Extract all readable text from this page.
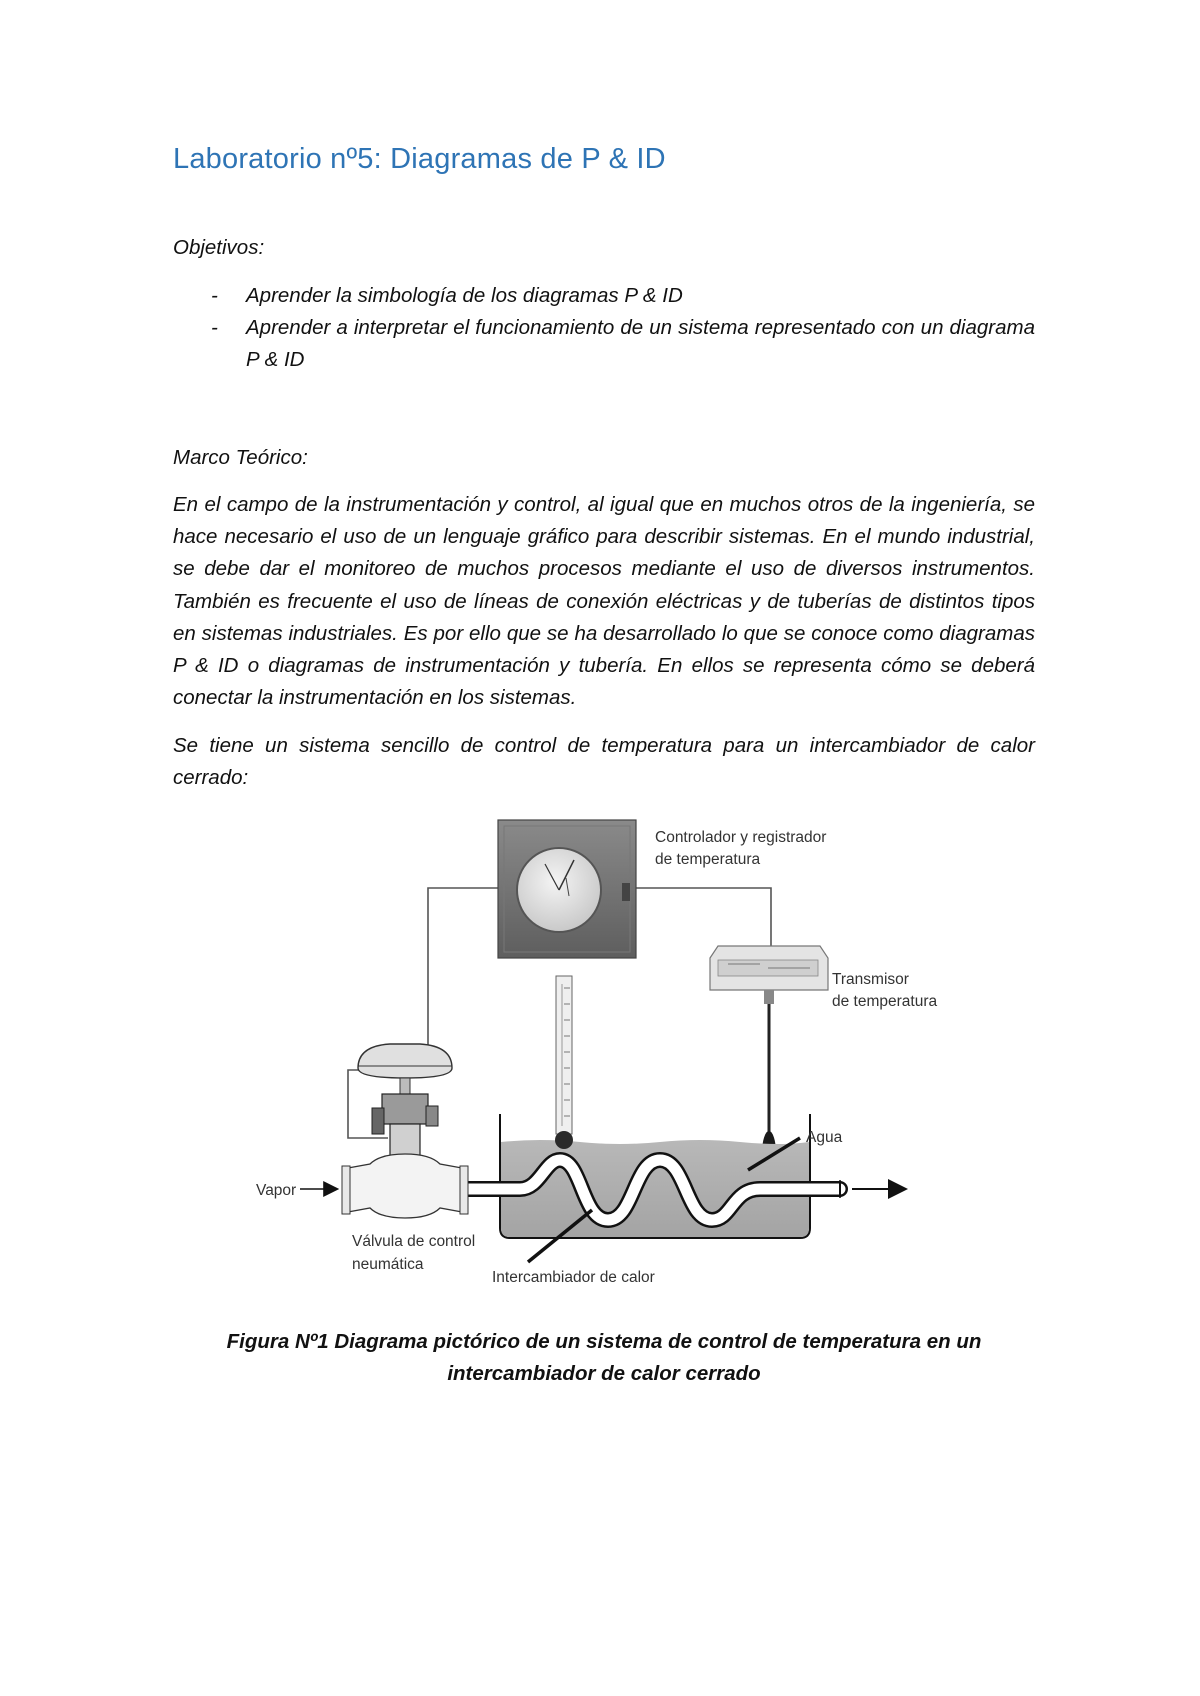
Laboratorio nº5: Diagramas de P & ID
Objetivos:
- Aprender la simbología de los diagramas P & ID
- Aprender a interpretar el funcionamiento de un sistema representado con un diagrama P & ID
Marco Teórico:

En el campo de la instrumentación y control, al igual que en muchos otros de la ingeniería, se hace necesario el uso de un lenguaje gráfico para describir sistemas. En el mundo industrial, se debe dar el monitoreo de muchos procesos mediante el uso de diversos instrumentos. También es frecuente el uso de líneas de conexión eléctricas y de tuberías de distintos tipos en sistemas industriales. Es por ello que se ha desarrollado lo que se conoce como diagramas P & ID o diagramas de instrumentación y tubería. En ellos se representa cómo se deberá conectar la instrumentación en los sistemas.

Se tiene un sistema sencillo de control de temperatura para un intercambiador de calor cerrado:

Controlador y registrador
de temperatura
Transmisor
de temperatura
Vapor
Agua
Intercambiador de calor
Válvula de control
neumática

Figura Nº1 Diagrama pictórico de un sistema de control de temperatura en un intercambiador de calor cerrado
